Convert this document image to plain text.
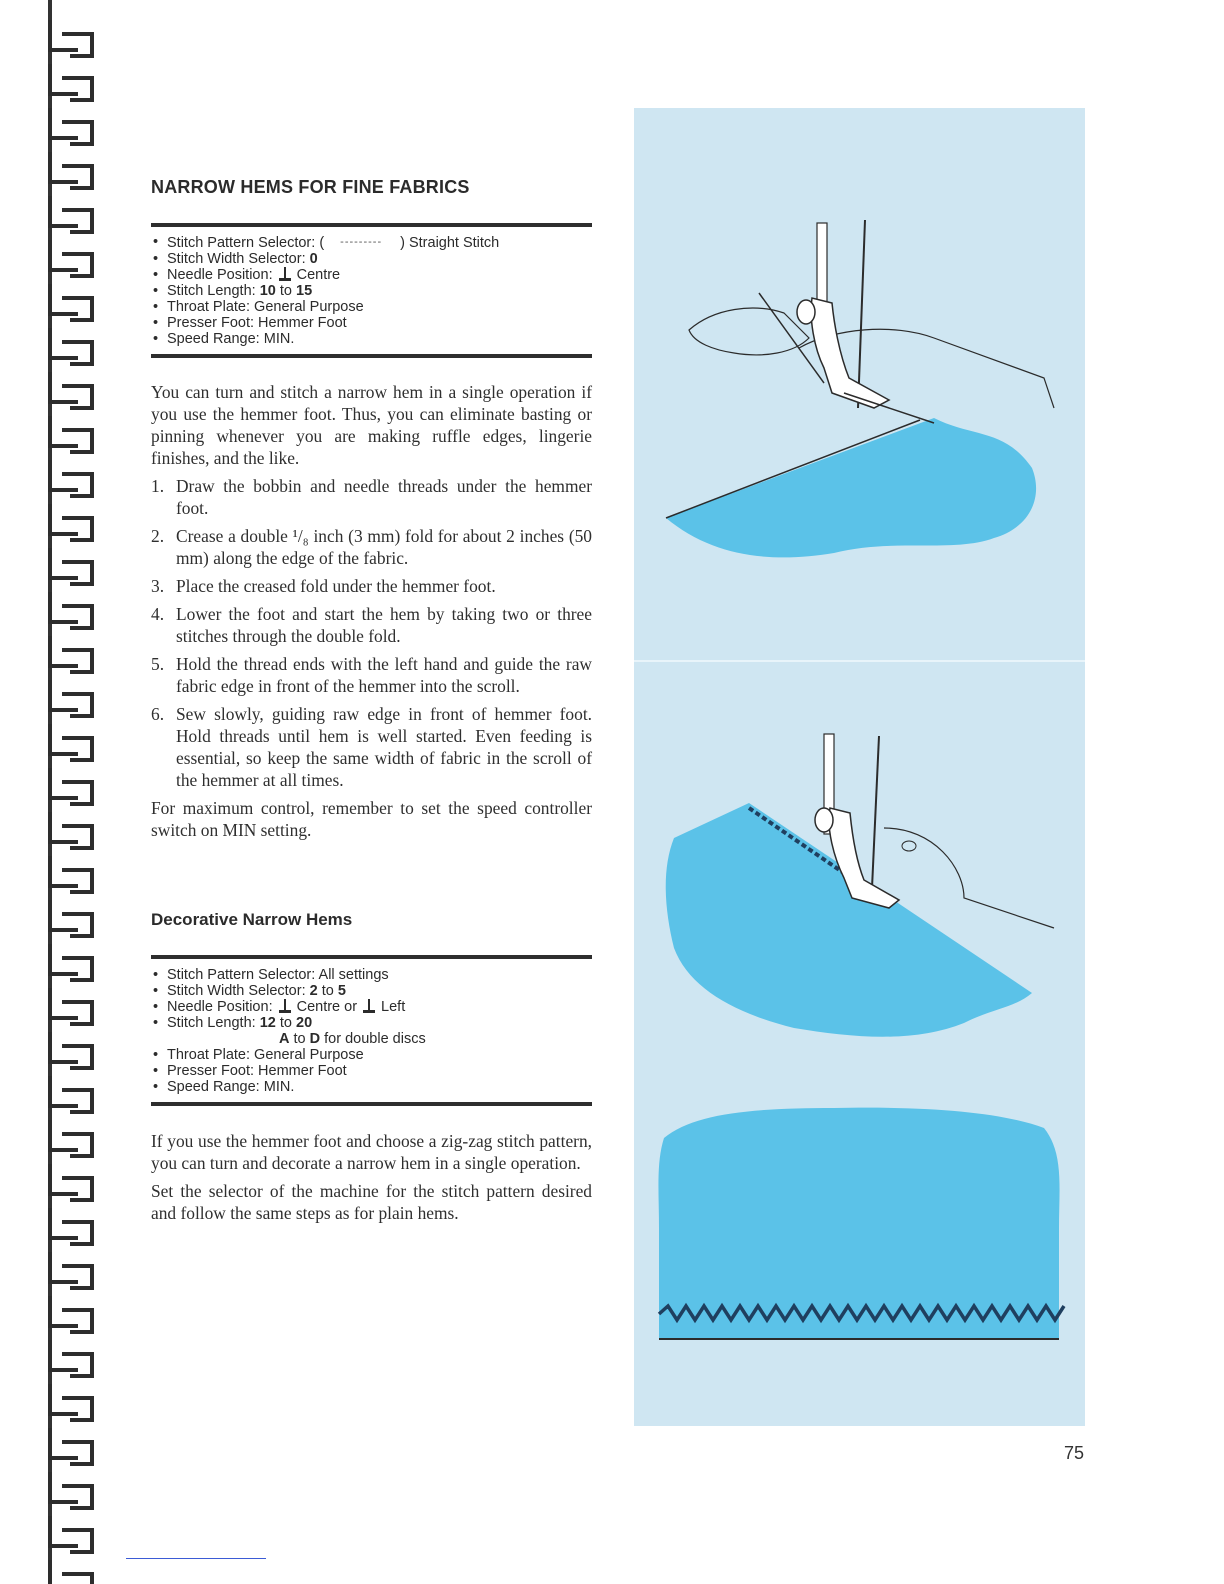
NARROW HEMS FOR FINE FABRICS
• Stitch Pattern Selector: ( --------- ) Straight Stitch
• Stitch Width Selector: 0
• Needle Position: Centre
• Stitch Length: 10 to 15
• Throat Plate: General Purpose
• Presser Foot: Hemmer Foot
• Speed Range: MIN.

You can turn and stitch a narrow hem in a single operation if you use the hemmer foot. Thus, you can eliminate basting or pinning whenever you are making ruffle edges, lingerie finishes, and the like.

1. Draw the bobbin and needle threads under the hemmer foot.
2. Crease a double ¹/₈ inch (3 mm) fold for about 2 inches (50 mm) along the edge of the fabric.
3. Place the creased fold under the hemmer foot.
4. Lower the foot and start the hem by taking two or three stitches through the double fold.
5. Hold the thread ends with the left hand and guide the raw fabric edge in front of the hemmer into the scroll.
6. Sew slowly, guiding raw edge in front of hemmer foot. Hold threads until hem is well started. Even feeding is essential, so keep the same width of fabric in the scroll of the hemmer at all times.

For maximum control, remember to set the speed controller switch on MIN setting.

Decorative Narrow Hems
• Stitch Pattern Selector: All settings
• Stitch Width Selector: 2 to 5
• Needle Position: Centre or Left
• Stitch Length: 12 to 20
A to D for double discs
• Throat Plate: General Purpose
• Presser Foot: Hemmer Foot
• Speed Range: MIN.

If you use the hemmer foot and choose a zig-zag stitch pattern, you can turn and decorate a narrow hem in a single operation.

Set the selector of the machine for the stitch pattern desired and follow the same steps as for plain hems.

75
